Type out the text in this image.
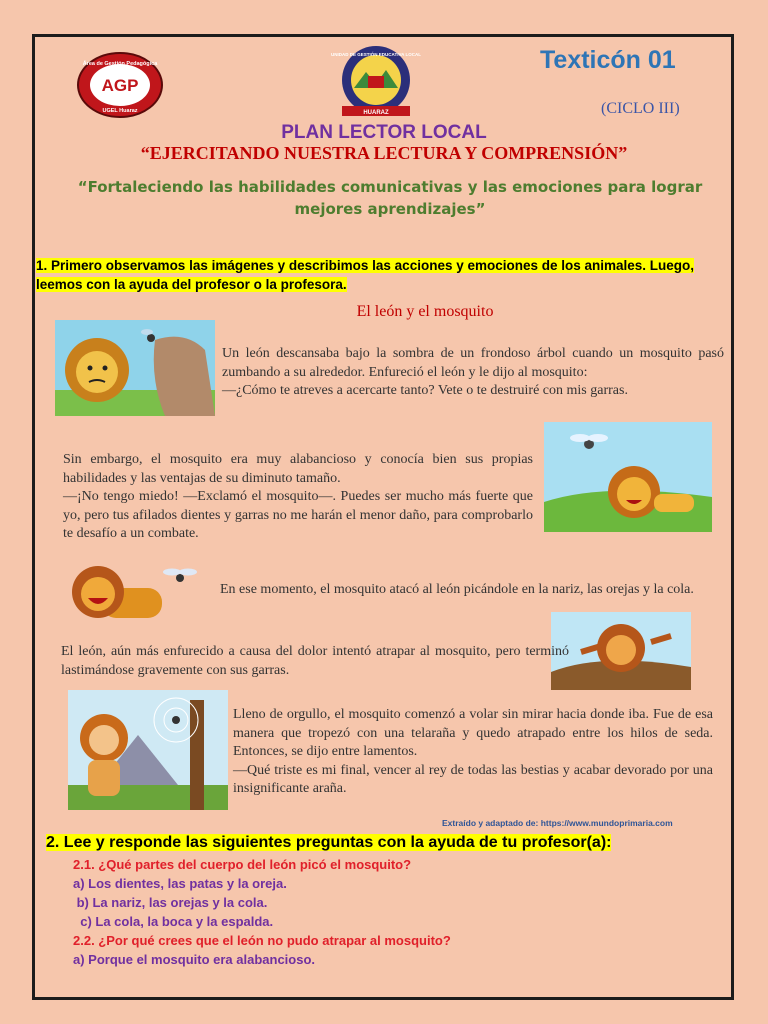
AGP
Área de Gestión Pedagógica
UGEL Huaraz
UNIDAD DE GESTIÓN EDUCATIVA LOCAL
HUARAZ
Texticón 01
(CICLO III)
PLAN LECTOR LOCAL
“EJERCITANDO NUESTRA LECTURA Y COMPRENSIÓN”
“Fortaleciendo las habilidades comunicativas y las emociones para lograr mejores aprendizajes”
1. Primero observamos las imágenes y describimos las acciones y emociones de los animales. Luego, leemos con la ayuda del profesor o la profesora.
El león y el mosquito
Un león descansaba bajo la sombra de un frondoso árbol cuando un mosquito pasó zumbando a su alrededor. Enfureció el león y le dijo al mosquito:
—¿Cómo te atreves a acercarte tanto? Vete o te destruiré con mis garras.
Sin embargo, el mosquito era muy alabancioso y conocía bien sus propias habilidades y las ventajas de su diminuto tamaño.
—¡No tengo miedo! —Exclamó el mosquito—. Puedes ser mucho más fuerte que yo, pero tus afilados dientes y garras no me harán el menor daño, para comprobarlo te desafío a un combate.
En ese momento, el mosquito atacó al león picándole en la nariz, las orejas y la cola.
El león, aún más enfurecido a causa del dolor intentó atrapar al mosquito, pero terminó lastimándose gravemente con sus garras.
Lleno de orgullo, el mosquito comenzó a volar sin mirar hacia donde iba. Fue de esa manera que tropezó con una telaraña y quedo atrapado entre los hilos de seda. Entonces, se dijo entre lamentos.
—Qué triste es mi final, vencer al rey de todas las bestias y acabar devorado por una insignificante araña.
Extraído y adaptado de: https://www.mundoprimaria.com
2. Lee y responde las siguientes preguntas con la ayuda de tu profesor(a):
2.1. ¿Qué partes del cuerpo del león picó el mosquito?
a) Los dientes, las patas y la oreja.
b) La nariz, las orejas y la cola.
c) La cola, la boca y la espalda.
2.2. ¿Por qué crees que el león no pudo atrapar al mosquito?
a) Porque el mosquito era alabancioso.
